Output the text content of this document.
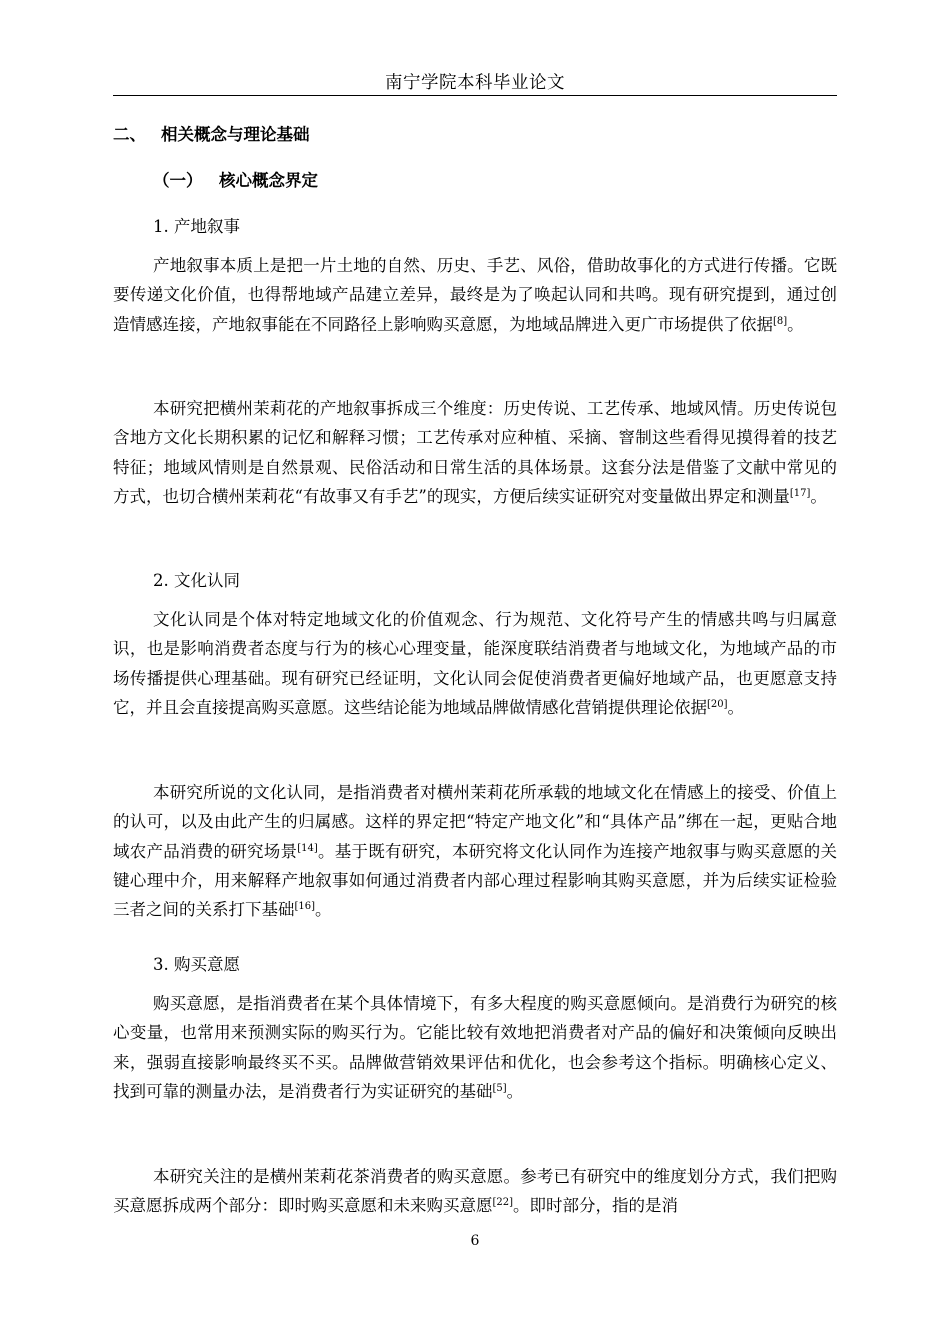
南宁学院本科毕业论文
二、 相关概念与理论基础
（一） 核心概念界定
1. 产地叙事

产地叙事本质上是把一片土地的自然、历史、手艺、风俗，借助故事化的方式进行传播。它既要传递文化价值，也得帮地域产品建立差异，最终是为了唤起认同和共鸣。现有研究提到，通过创造情感连接，产地叙事能在不同路径上影响购买意愿，为地域品牌进入更广市场提供了依据[8]。

本研究把横州茉莉花的产地叙事拆成三个维度：历史传说、工艺传承、地域风情。历史传说包含地方文化长期积累的记忆和解释习惯；工艺传承对应种植、采摘、窨制这些看得见摸得着的技艺特征；地域风情则是自然景观、民俗活动和日常生活的具体场景。这套分法是借鉴了文献中常见的方式，也切合横州茉莉花“有故事又有手艺”的现实，方便后续实证研究对变量做出界定和测量[17]。

2. 文化认同

文化认同是个体对特定地域文化的价值观念、行为规范、文化符号产生的情感共鸣与归属意识，也是影响消费者态度与行为的核心心理变量，能深度联结消费者与地域文化，为地域产品的市场传播提供心理基础。现有研究已经证明，文化认同会促使消费者更偏好地域产品，也更愿意支持它，并且会直接提高购买意愿。这些结论能为地域品牌做情感化营销提供理论依据[20]。

本研究所说的文化认同，是指消费者对横州茉莉花所承载的地域文化在情感上的接受、价值上的认可，以及由此产生的归属感。这样的界定把“特定产地文化”和“具体产品”绑在一起，更贴合地域农产品消费的研究场景[14]。基于既有研究，本研究将文化认同作为连接产地叙事与购买意愿的关键心理中介，用来解释产地叙事如何通过消费者内部心理过程影响其购买意愿，并为后续实证检验三者之间的关系打下基础[16]。

3. 购买意愿

购买意愿，是指消费者在某个具体情境下，有多大程度的购买意愿倾向。是消费行为研究的核心变量，也常用来预测实际的购买行为。它能比较有效地把消费者对产品的偏好和决策倾向反映出来，强弱直接影响最终买不买。品牌做营销效果评估和优化，也会参考这个指标。明确核心定义、找到可靠的测量办法，是消费者行为实证研究的基础[5]。

本研究关注的是横州茉莉花茶消费者的购买意愿。参考已有研究中的维度划分方式，我们把购买意愿拆成两个部分：即时购买意愿和未来购买意愿[22]。即时部分，指的是消

6
